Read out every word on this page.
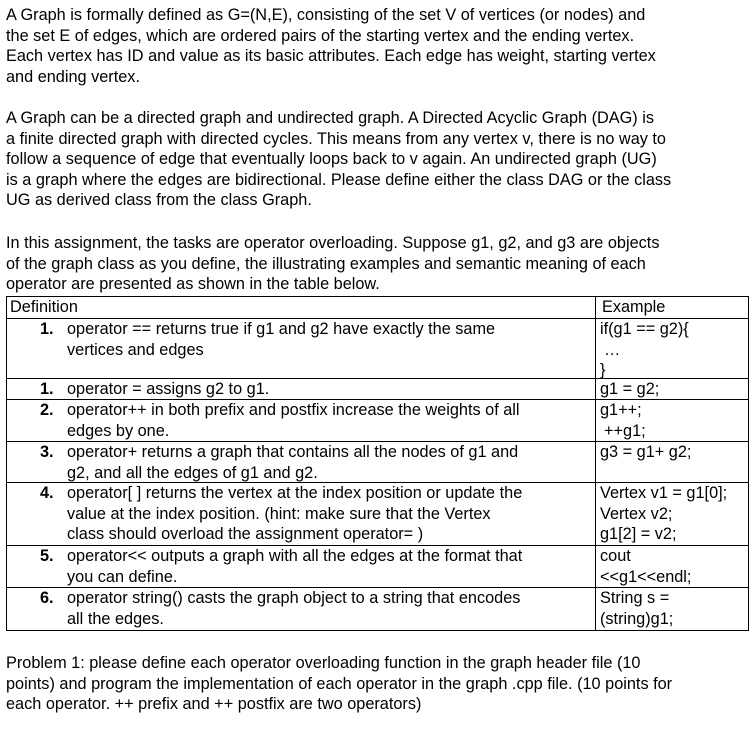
A Graph is formally defined as G=(N,E), consisting of the set V of vertices (or nodes) and
the set E of edges, which are ordered pairs of the starting vertex and the ending vertex.
Each vertex has ID and value as its basic attributes. Each edge has weight, starting vertex
and ending vertex.
A Graph can be a directed graph and undirected graph. A Directed Acyclic Graph (DAG) is
a finite directed graph with directed cycles. This means from any vertex v, there is no way to
follow a sequence of edge that eventually loops back to v again. An undirected graph (UG)
is a graph where the edges are bidirectional. Please define either the class DAG or the class
UG as derived class from the class Graph.
In this assignment, the tasks are operator overloading. Suppose g1, g2, and g3 are objects
of the graph class as you define, the illustrating examples and semantic meaning of each
operator are presented as shown in the table below.
Definition	Example
1. operator == returns true if g1 and g2 have exactly the same
vertices and edges
if(g1 == g2){
…
}
1. operator = assigns g2 to g1.	g1 = g2;
2. operator++ in both prefix and postfix increase the weights of all
edges by one.
g1++;
++g1;
3. operator+ returns a graph that contains all the nodes of g1 and
g2, and all the edges of g1 and g2.
g3 = g1+ g2;
4. operator[ ] returns the vertex at the index position or update the
value at the index position. (hint: make sure that the Vertex
class should overload the assignment operator= )
Vertex v1 = g1[0];
Vertex v2;
g1[2] = v2;
5. operator<< outputs a graph with all the edges at the format that
you can define.
cout
<<g1<<endl;
6. operator string() casts the graph object to a string that encodes
all the edges.
String s =
(string)g1;
Problem 1: please define each operator overloading function in the graph header file (10
points) and program the implementation of each operator in the graph .cpp file. (10 points for
each operator. ++ prefix and ++ postfix are two operators)
